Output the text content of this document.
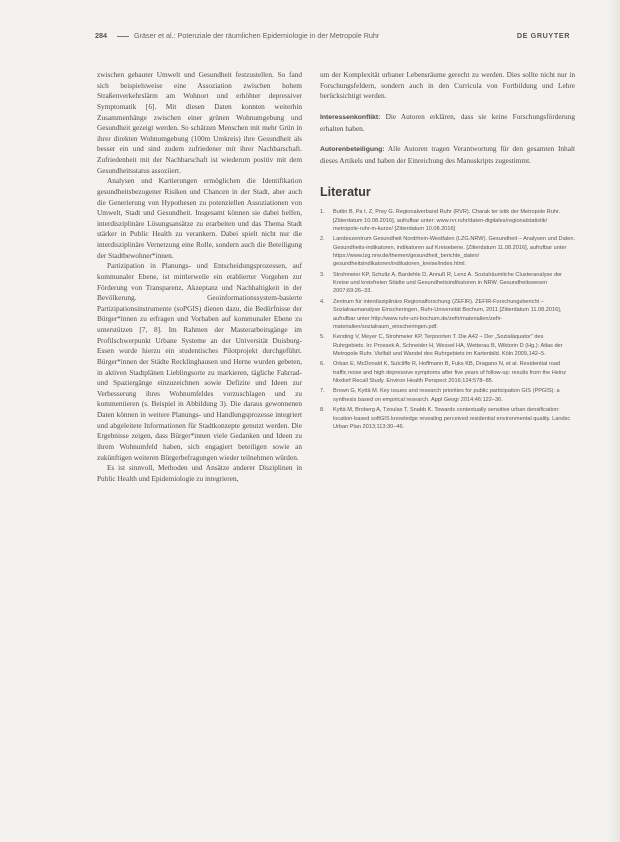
284	Gräser et al.: Potenziale der räumlichen Epidemiologie in der Metropole Ruhr	DE GRUYTER

zwischen gebauter Umwelt und Gesundheit festzustellen. So fand sich beispielsweise eine Assoziation zwischen hohem Straßenverkehrslärm am Wohnort und erhöhter depressiver Symptomatik [6]. Mit diesen Daten konnten weiterhin Zusammenhänge zwischen einer grünen Wohnumgebung und Gesundheit gezeigt werden. So schätzen Menschen mit mehr Grün in ihrer direkten Wohnumgebung (100m Umkreis) ihre Gesundheit als besser ein und sind zudem zufriedener mit ihrer Nachbarschaft. Zufriedenheit mit der Nachbarschaft ist wiederum positiv mit dem Gesundheitsstatus assoziiert.

Analysen und Kartierungen ermöglichen die Identifikation gesundheitsbezogener Risiken und Chancen in der Stadt, aber auch die Generierung von Hypothesen zu potenziellen Assoziationen von Umwelt, Stadt und Gesundheit. Insgesamt können sie dabei helfen, interdisziplinäre Lösungsansätze zu erarbeiten und das Thema Stadt stärker in Public Health zu verankern. Dabei spielt nicht nur die interdisziplinäre Vernetzung eine Rolle, sondern auch die Beteiligung der Stadtbewohner*innen.

Partizipation in Planungs- und Entscheidungsprozessen, auf kommunaler Ebene, ist mittlerweile ein etablierter Vorgehen zur Förderung von Transparenz, Akzeptanz und Nachhaltigkeit in der Bevölkerung. Geoinformationssystem-basierte Partizipationsinstrumente (soPGIS) dienen dazu, die Bedürfnisse der Bürger*innen zu erfragen und Vorhaben auf kommunaler Ebene zu unterstützen [7, 8]. Im Rahmen der Masterarbeitsgänge im Profilschwerpunkt Urbane Systeme an der Universität Duisburg-Essen wurde hierzu ein studentisches Pilotprojekt durchgeführt. Bürger*innen der Städte Recklinghausen und Herne wurden gebeten, in aktiven Stadtplänen Lieblingsorte zu markieren, tägliche Fahrrad- und Spaziergänge einzuzeichnen sowie Defizite und Ideen zur Verbesserung ihres Wohnumfeldes vorzuschlagen und zu kommentieren (s. Beispiel in Abbildung 3). Die daraus gewonnenen Daten können in weitere Planungs- und Handlungsprozesse integriert und abgeleitete Informationen für Stadtkonzepte genutzt werden. Die Ergebnisse zeigen, dass Bürger*innen viele Gedanken und Ideen zu ihrem Wohnumfeld haben, sich engagiert beteiligen sowie an zukünftigen weiteren Bürgerbefragungen wieder teilnehmen würden.

Es ist sinnvoll, Methoden und Ansätze anderer Disziplinen in Public Health und Epidemiologie zu integrieren,

um der Komplexität urbaner Lebensräume gerecht zu werden. Dies sollte nicht nur in Forschungsfeldern, sondern auch in den Curricula von Fortbildung und Lehre berücksichtigt werden.

Interessenkonflikt: Die Autoren erklären, dass sie keine Forschungsförderung erhalten haben.

Autorenbeteiligung: Alle Autoren tragen Verantwortung für den gesamten Inhalt dieses Artikels und haben der Einreichung des Manuskripts zugestimmt.

Literatur
1. Buttin B, Pa t. Z, Prey G. Regionalverband Ruhr (RVR). Charak ter istik der Metropole Ruhr. [Zitierdatum 10.08.2016], aufrufbar unter: www.rvr.ruhr/daten-digitales/regionalstatistik/ metropole-ruhr-in-kurze/ [Zitierdatum 10.08.2016]
2. Landeszentrum Gesundheit Nordrhein-Westfalen (LZG.NRW). Gesundheit – Analysen und Daten. Gesundheits-indikatoren, indikatoren auf Kreisebene. [Zitierdatum 11.08.2016], aufrufbar unter https://www.lzg.nrw.de/themen/gesundheit_berichte_daten/ gesundheitsindikatoren/indikatoren_kreise/index.html.
3. Strohmeier KP, Schultz A, Bardehle D, Annuß R, Lenz A. Sozialräumliche Clusteranalyse der Kreise und kreisfreien Städte und Gesundheitsindikatoren in NRW. Gesundheitswesen 2007;69:26–33.
4. Zentrum für interdisziplinäre Regionalforschung (ZEFIR). ZEFIR-Forschungsbericht – Sozialraumanalyse Einscheringen, Ruhr-Universität Bochum, 2011 [Zitierdatum 11.08.2016], aufrufbar unter http://www.ruhr-uni-bochum.de/zefir/materialien/zefir-materialien/sozialraum_einscheringen.pdf.
5. Kersting V, Meyer C, Strohmeier KP, Terpoorten T. Die A42 – Der „Sozialäquator" des Ruhrgebiets. In: Prossek A, Schneider H, Wessel HA, Wetterau B, Wiktorin D (Hg.): Atlas der Metropole Ruhr. Vielfalt und Wandel des Ruhrgebiets im Kartenbild. Köln 2009,142–5.
6. Orban E, McDonald K, Sutcliffe R, Hoffmann B, Fuks KB, Dragano N, et al. Residential road traffic noise and high depressive symptoms after five years of follow-up: results from the Heinz Nixdorf Recall Study. Environ Health Perspect 2016;124:578–85.
7. Brown G, Kyttä M. Key issues and research priorities for public participation GIS (PPGIS): a synthesis based on empirical research. Appl Geogr 2014;46:122–36.
8. Kyttä M, Broberg A, Tzoulas T, Snabb K. Towards contextually sensitive urban densification: location-based softGIS knowledge revealing perceived residential environmental quality. Landsc Urban Plan 2013;113:30–46.
